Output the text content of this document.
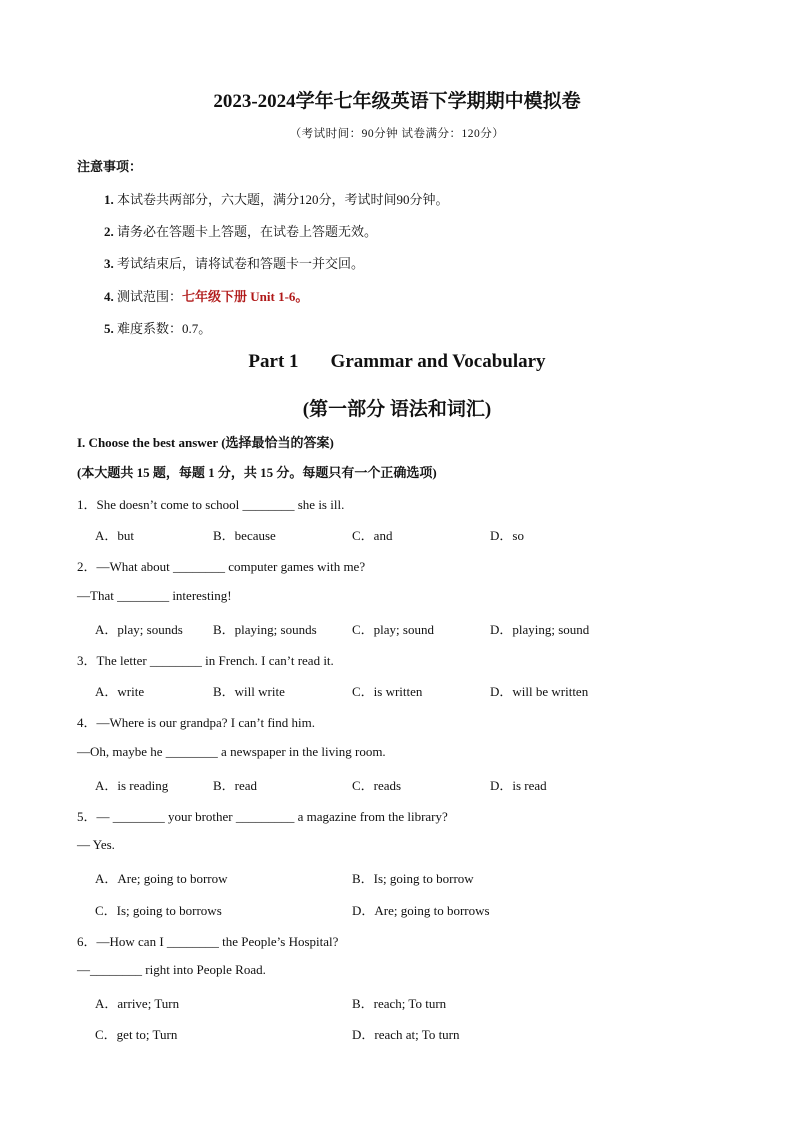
2023-2024学年七年级英语下学期期中模拟卷
（考试时间：90分钟 试卷满分：120分）
注意事项：
1. 本试卷共两部分，六大题，满分120分，考试时间90分钟。
2. 请务必在答题卡上答题，在试卷上答题无效。
3. 考试结束后，请将试卷和答题卡一并交回。
4. 测试范围：七年级下册 Unit 1-6。
5. 难度系数：0.7。
Part 1 Grammar and Vocabulary
(第一部分 语法和词汇)
I. Choose the best answer (选择最恰当的答案)
(本大题共 15 题，每题 1 分，共 15 分。每题只有一个正确选项)
1．She doesn’t come to school ________ she is ill.
A．but	B．because	C．and	D．so
2．—What about ________ computer games with me?
—That ________ interesting!
A．play; sounds B．playing; sounds	C．play; sound	D．playing; sound
3．The letter ________ in French. I can’t read it.
A．write	B．will write	C．is written	D．will be written
4．—Where is our grandpa? I can’t find him.
—Oh, maybe he ________ a newspaper in the living room.
A．is reading	B．read	C．reads	D．is read
5．— ________ your brother _________ a magazine from the library?
— Yes.
A．Are; going to borrow	B．Is; going to borrow
C．Is; going to borrows	D．Are; going to borrows
6．—How can I ________ the People’s Hospital?
—________ right into People Road.
A．arrive; Turn	B．reach; To turn
C．get to; Turn	D．reach at; To turn
